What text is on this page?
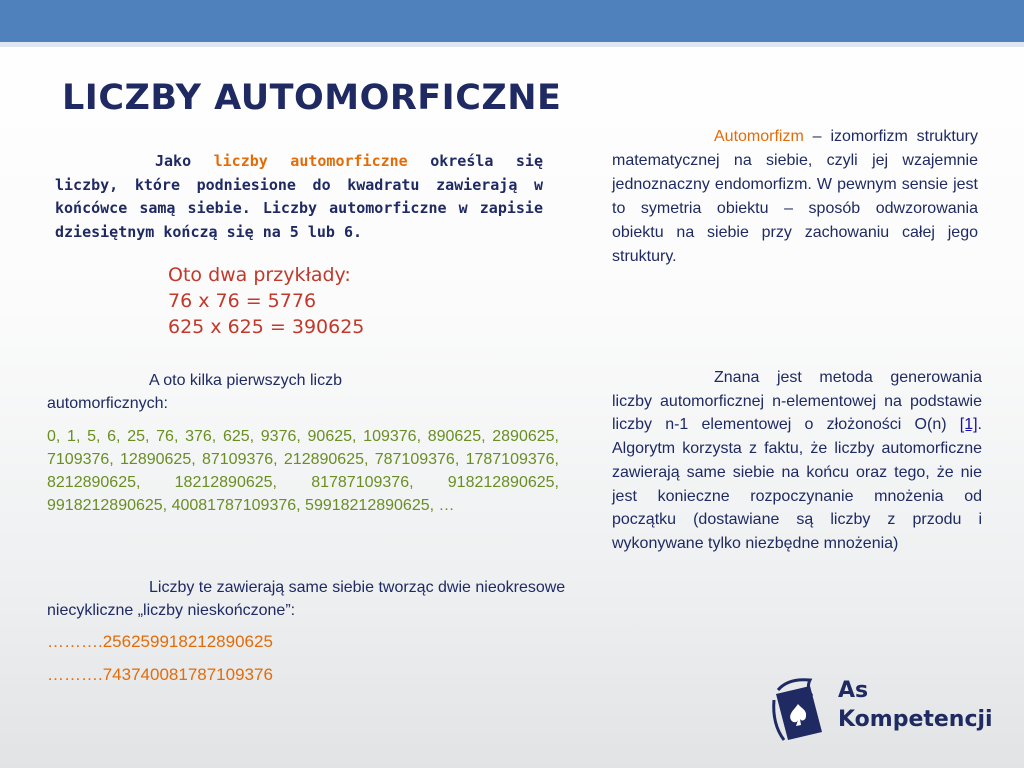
LICZBY AUTOMORFICZNE

Jako liczby automorficzne określa się liczby, które podniesione do kwadratu zawierają w końcówce samą siebie. Liczby automorficzne w zapisie dziesiętnym kończą się na 5 lub 6.

Oto dwa przykłady:
76 x 76 = 5776
625 x 625 = 390625

A oto kilka pierwszych liczb automorficznych:

0, 1, 5, 6, 25, 76, 376, 625, 9376, 90625, 109376, 890625, 2890625, 7109376, 12890625, 87109376, 212890625, 787109376, 1787109376, 8212890625, 18212890625, 81787109376, 918212890625, 9918212890625, 40081787109376, 59918212890625, …

Liczby te zawierają same siebie tworząc dwie nieokresowe niecykliczne „liczby nieskończone”:

……….256259918212890625

……….743740081787109376

Automorfizm – izomorfizm struktury matematycznej na siebie, czyli jej wzajemnie jednoznaczny endomorfizm. W pewnym sensie jest to symetria obiektu – sposób odwzorowania obiektu na siebie przy zachowaniu całej jego struktury.

Znana jest metoda generowania liczby automorficznej n-elementowej na podstawie liczby n-1 elementowej o złożoności O(n) [1]. Algorytm korzysta z faktu, że liczby automorficzne zawierają same siebie na końcu oraz tego, że nie jest konieczne rozpoczynanie mnożenia od początku (dostawiane są liczby z przodu i wykonywane tylko niezbędne mnożenia)

As
Kompetencji
